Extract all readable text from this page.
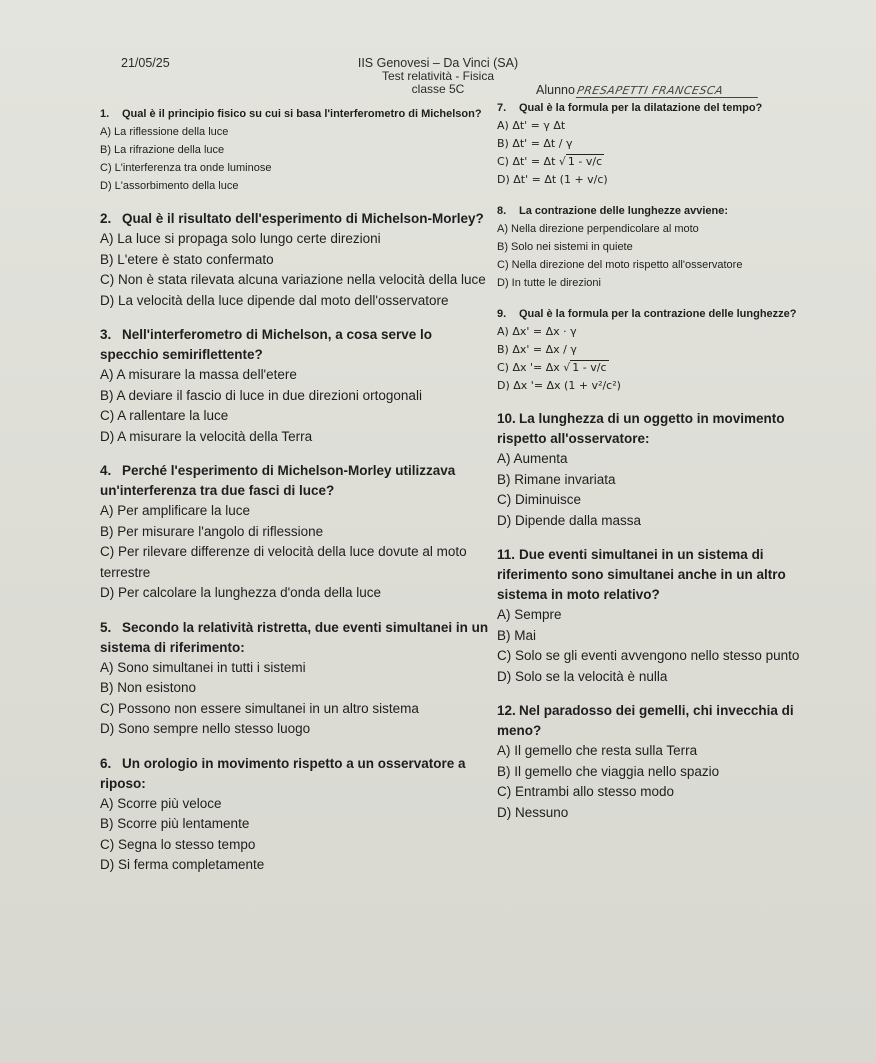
21/05/25	IIS Genovesi – Da Vinci (SA)
Test relatività - Fisica
classe 5C	AlunnoPRESAPETTI FRANCESCA

1. Qual è il principio fisico su cui si basa l'interferometro di Michelson?

A) La riflessione della luce

B) La rifrazione della luce

C) L'interferenza tra onde luminose

D) L'assorbimento della luce

2. Qual è il risultato dell'esperimento di Michelson-Morley?

A) La luce si propaga solo lungo certe direzioni

B) L'etere è stato confermato

C) Non è stata rilevata alcuna variazione nella velocità della luce

D) La velocità della luce dipende dal moto dell'osservatore

3. Nell'interferometro di Michelson, a cosa serve lo specchio semiriflettente?

A) A misurare la massa dell'etere

B) A deviare il fascio di luce in due direzioni ortogonali

C) A rallentare la luce

D) A misurare la velocità della Terra

4. Perché l'esperimento di Michelson-Morley utilizzava un'interferenza tra due fasci di luce?

A) Per amplificare la luce

B) Per misurare l'angolo di riflessione

C) Per rilevare differenze di velocità della luce dovute al moto terrestre

D) Per calcolare la lunghezza d'onda della luce

5. Secondo la relatività ristretta, due eventi simultanei in un sistema di riferimento:

A) Sono simultanei in tutti i sistemi

B) Non esistono

C) Possono non essere simultanei in un altro sistema

D) Sono sempre nello stesso luogo

6. Un orologio in movimento rispetto a un osservatore a riposo:

A) Scorre più veloce

B) Scorre più lentamente

C) Segna lo stesso tempo

D) Si ferma completamente

7. Qual è la formula per la dilatazione del tempo?

A) Δt' = γ Δt

B) Δt' = Δt / γ

C) Δt' = Δt √ 1 - v/c

D) Δt' = Δt (1 + v/c)

8. La contrazione delle lunghezze avviene:

A) Nella direzione perpendicolare al moto

B) Solo nei sistemi in quiete

C) Nella direzione del moto rispetto all'osservatore

D) In tutte le direzioni

9. Qual è la formula per la contrazione delle lunghezze?

A) Δx' = Δx · γ

B) Δx' = Δx / γ

C) Δx '= Δx √ 1 - v/c

D) Δx '= Δx (1 + v²/c²)

10. La lunghezza di un oggetto in movimento rispetto all'osservatore:

A) Aumenta

B) Rimane invariata

C) Diminuisce

D) Dipende dalla massa

11. Due eventi simultanei in un sistema di riferimento sono simultanei anche in un altro sistema in moto relativo?

A) Sempre

B) Mai

C) Solo se gli eventi avvengono nello stesso punto

D) Solo se la velocità è nulla

12. Nel paradosso dei gemelli, chi invecchia di meno?

A) Il gemello che resta sulla Terra

B) Il gemello che viaggia nello spazio

C) Entrambi allo stesso modo

D) Nessuno
